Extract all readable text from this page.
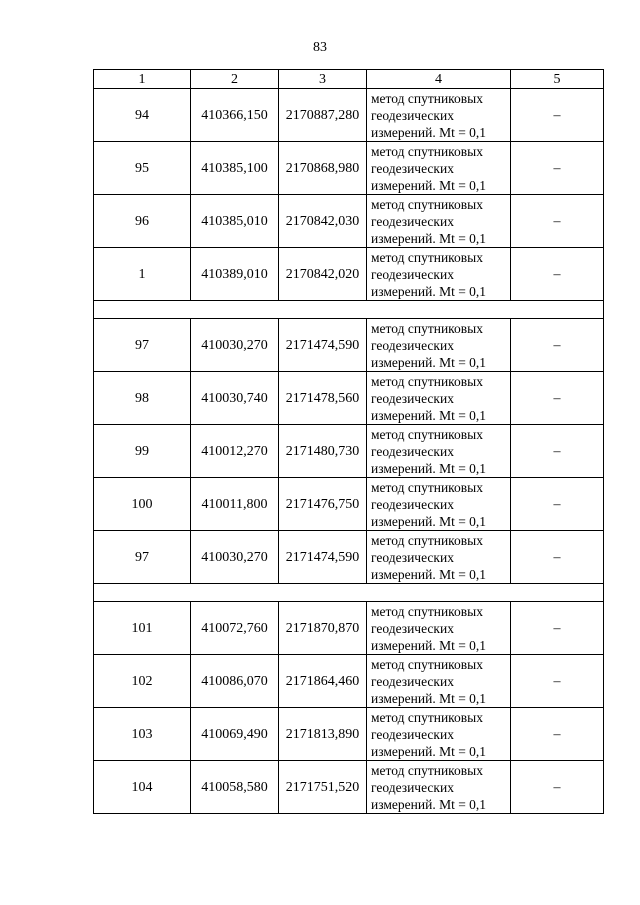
83
1	2	3	4	5
94	410366,150	2170887,280	метод спутниковых
геодезических
измерений. Mt = 0,1	–
95	410385,100	2170868,980	метод спутниковых
геодезических
измерений. Mt = 0,1	–
96	410385,010	2170842,030	метод спутниковых
геодезических
измерений. Mt = 0,1	–
1	410389,010	2170842,020	метод спутниковых
геодезических
измерений. Mt = 0,1	–

97	410030,270	2171474,590	метод спутниковых
геодезических
измерений. Mt = 0,1	–
98	410030,740	2171478,560	метод спутниковых
геодезических
измерений. Mt = 0,1	–
99	410012,270	2171480,730	метод спутниковых
геодезических
измерений. Mt = 0,1	–
100	410011,800	2171476,750	метод спутниковых
геодезических
измерений. Mt = 0,1	–
97	410030,270	2171474,590	метод спутниковых
геодезических
измерений. Mt = 0,1	–

101	410072,760	2171870,870	метод спутниковых
геодезических
измерений. Mt = 0,1	–
102	410086,070	2171864,460	метод спутниковых
геодезических
измерений. Mt = 0,1	–
103	410069,490	2171813,890	метод спутниковых
геодезических
измерений. Mt = 0,1	–
104	410058,580	2171751,520	метод спутниковых
геодезических
измерений. Mt = 0,1	–
